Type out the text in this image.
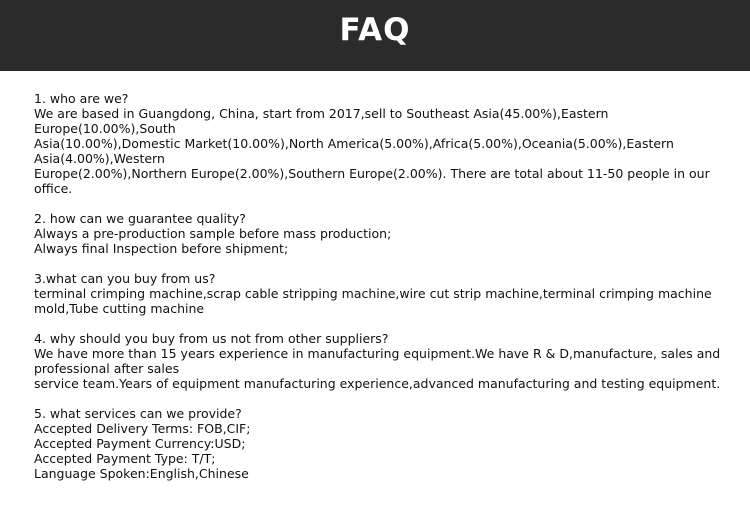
FAQ
1. who are we?
We are based in Guangdong, China, start from 2017,sell to Southeast Asia(45.00%),Eastern Europe(10.00%),South
Asia(10.00%),Domestic Market(10.00%),North America(5.00%),Africa(5.00%),Oceania(5.00%),Eastern Asia(4.00%),Western
Europe(2.00%),Northern Europe(2.00%),Southern Europe(2.00%). There are total about 11-50 people in our office.
2. how can we guarantee quality?
Always a pre-production sample before mass production;
Always final Inspection before shipment;
3.what can you buy from us?
terminal crimping machine,scrap cable stripping machine,wire cut strip machine,terminal crimping machine mold,Tube cutting machine
4. why should you buy from us not from other suppliers?
We have more than 15 years experience in manufacturing equipment.We have R & D,manufacture, sales and professional after sales
service team.Years of equipment manufacturing experience,advanced manufacturing and testing equipment.
5. what services can we provide?
Accepted Delivery Terms: FOB,CIF;
Accepted Payment Currency:USD;
Accepted Payment Type: T/T;
Language Spoken:English,Chinese
